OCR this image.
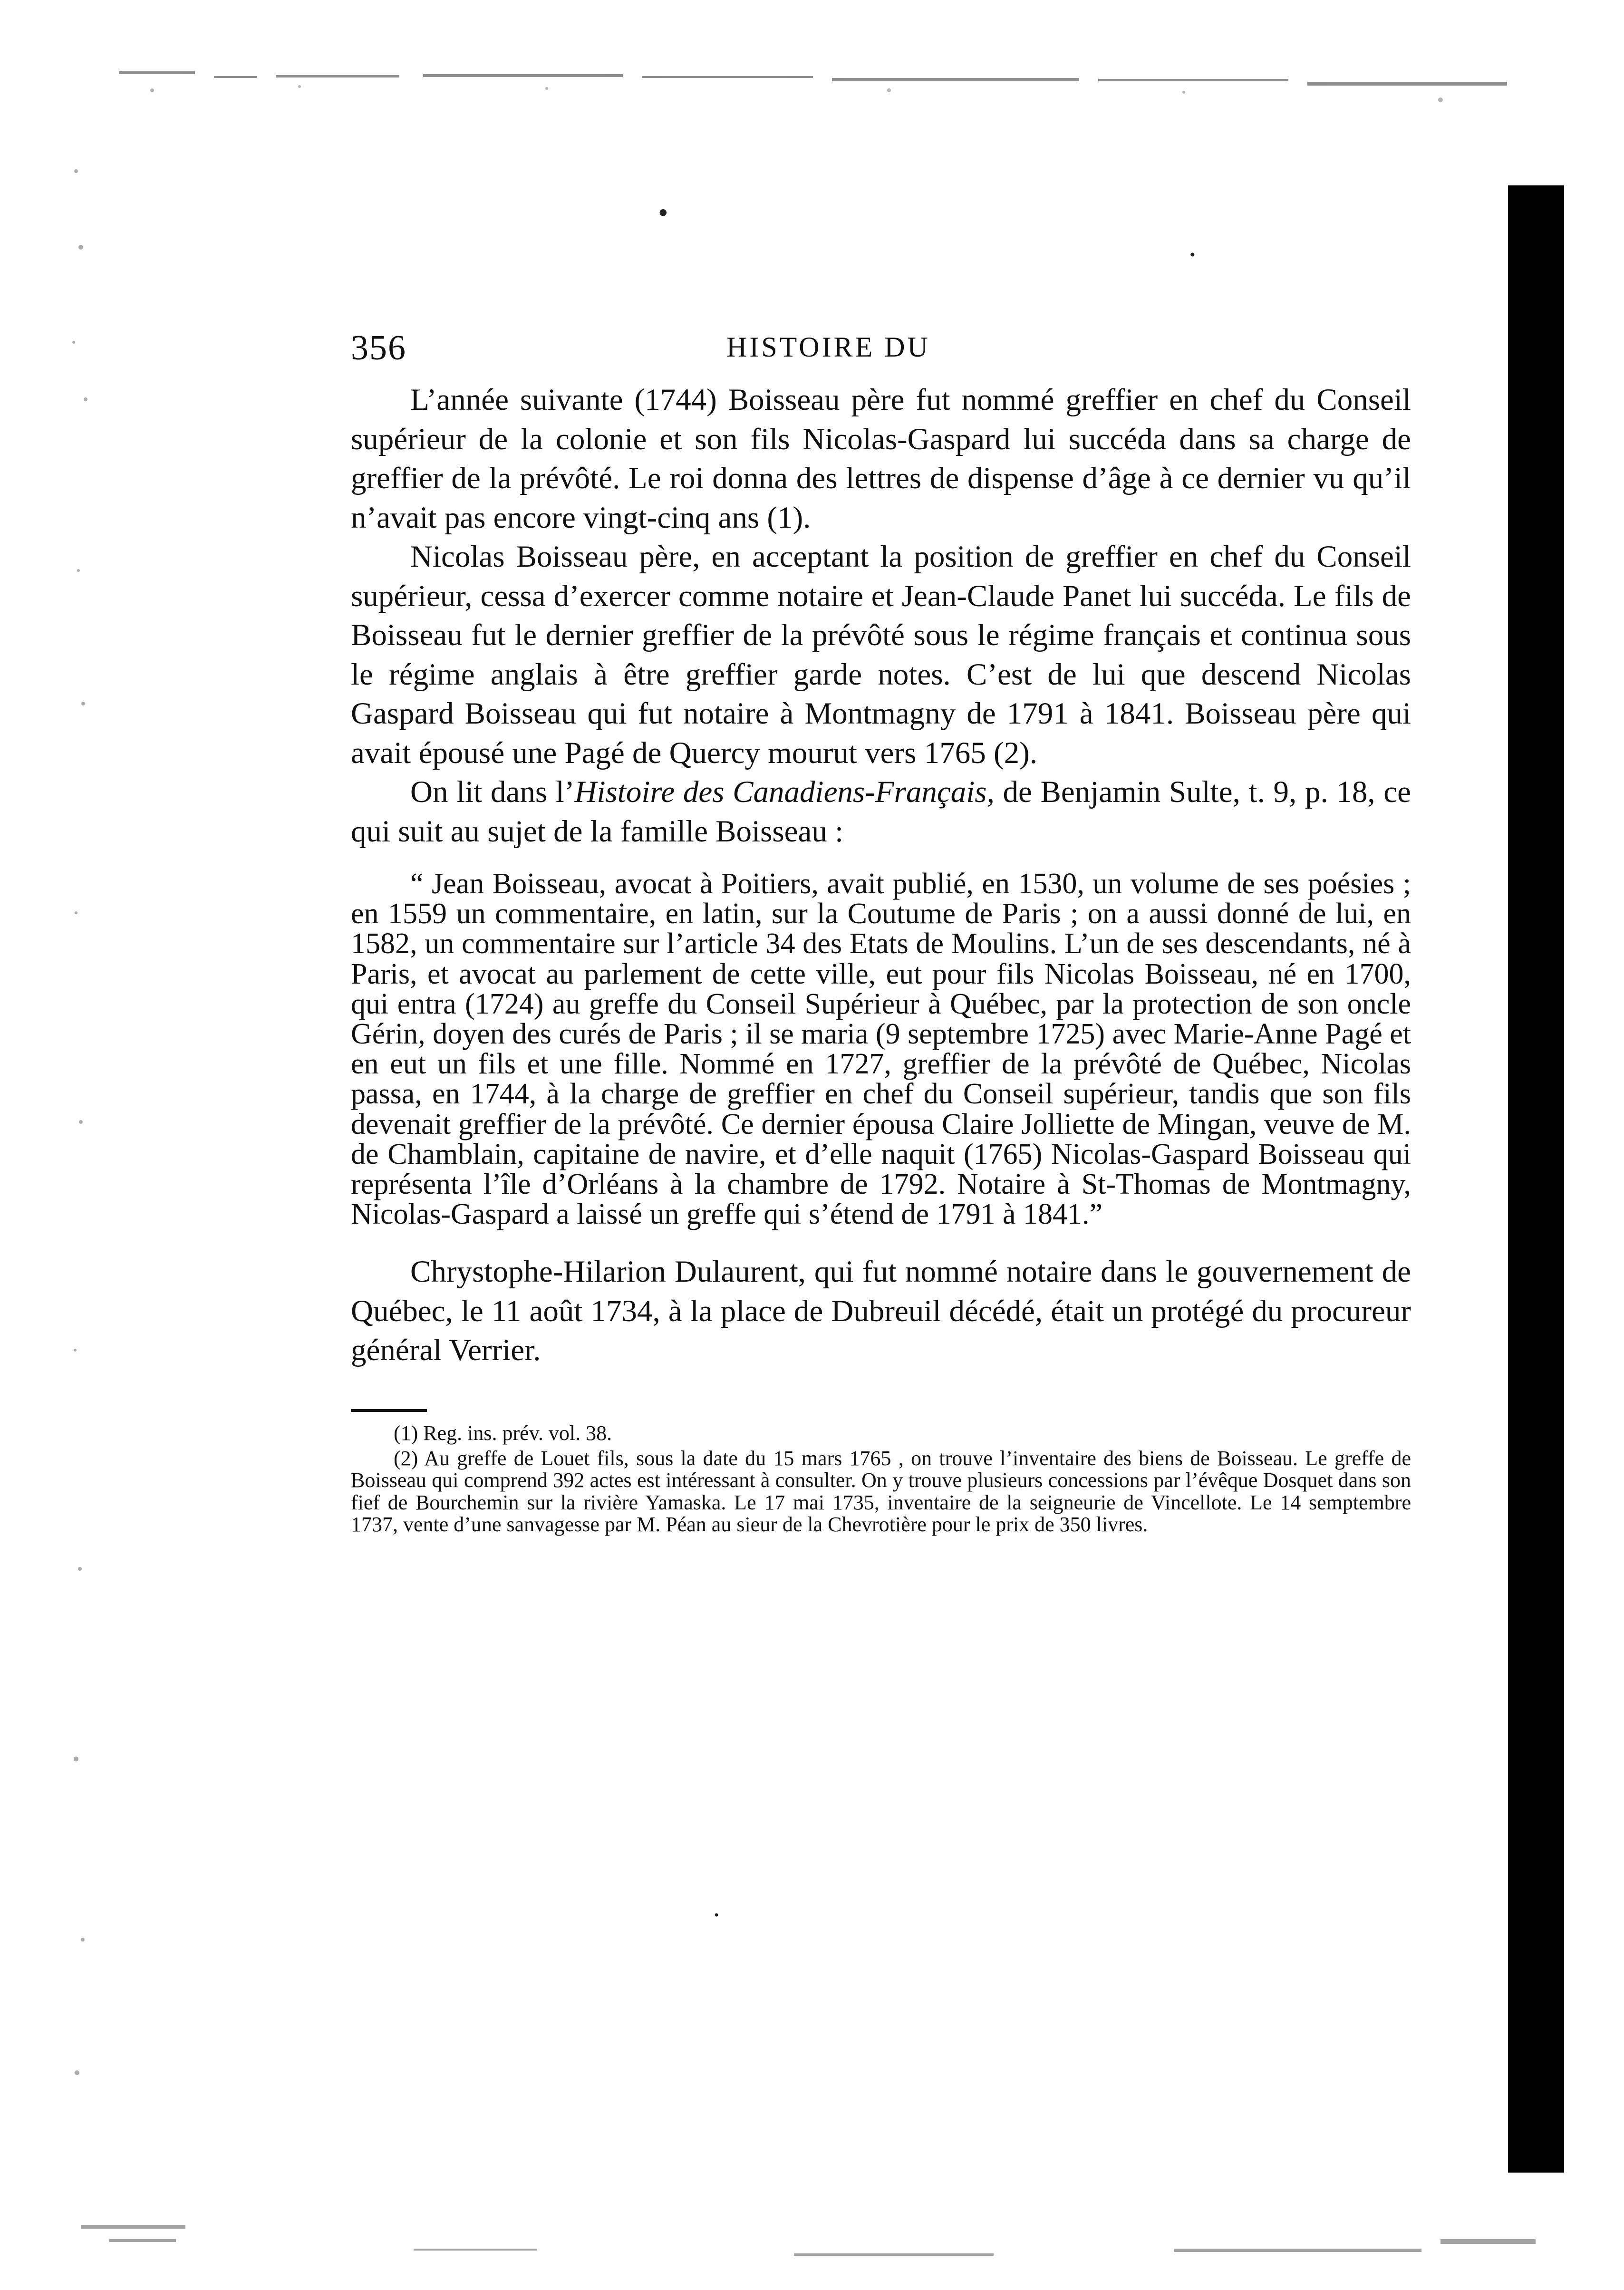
•
•
•
356	HISTOIRE DU

L’année suivante (1744) Boisseau père fut nommé greffier en chef du Conseil supérieur de la colonie et son fils Nicolas-Gaspard lui succéda dans sa charge de greffier de la prévôté. Le roi donna des lettres de dispense d’âge à ce dernier vu qu’il n’avait pas encore vingt-cinq ans (1).

Nicolas Boisseau père, en acceptant la position de greffier en chef du Conseil supérieur, cessa d’exercer comme notaire et Jean-Claude Panet lui succéda. Le fils de Boisseau fut le dernier greffier de la prévôté sous le régime français et continua sous le régime anglais à être greffier garde notes. C’est de lui que descend Nicolas Gaspard Boisseau qui fut notaire à Montmagny de 1791 à 1841. Boisseau père qui avait épousé une Pagé de Quercy mourut vers 1765 (2).

On lit dans l’Histoire des Canadiens-Français, de Benjamin Sulte, t. 9, p. 18, ce qui suit au sujet de la famille Boisseau :

“ Jean Boisseau, avocat à Poitiers, avait publié, en 1530, un volume de ses poésies ; en 1559 un commentaire, en latin, sur la Coutume de Paris ; on a aussi donné de lui, en 1582, un commentaire sur l’article 34 des Etats de Moulins. L’un de ses descendants, né à Paris, et avocat au parlement de cette ville, eut pour fils Nicolas Boisseau, né en 1700, qui entra (1724) au greffe du Conseil Supérieur à Québec, par la protection de son oncle Gérin, doyen des curés de Paris ; il se maria (9 septembre 1725) avec Marie-Anne Pagé et en eut un fils et une fille. Nommé en 1727, greffier de la prévôté de Québec, Nicolas passa, en 1744, à la charge de greffier en chef du Conseil supérieur, tandis que son fils devenait greffier de la prévôté. Ce dernier épousa Claire Jolliette de Mingan, veuve de M. de Chamblain, capitaine de navire, et d’elle naquit (1765) Nicolas-Gaspard Boisseau qui représenta l’île d’Orléans à la chambre de 1792. Notaire à St-Thomas de Montmagny, Nicolas-Gaspard a laissé un greffe qui s’étend de 1791 à 1841.”

Chrystophe-Hilarion Dulaurent, qui fut nommé notaire dans le gouvernement de Québec, le 11 août 1734, à la place de Dubreuil décédé, était un protégé du procureur général Verrier.

(1) Reg. ins. prév. vol. 38.

(2) Au greffe de Louet fils, sous la date du 15 mars 1765 , on trouve l’inventaire des biens de Boisseau. Le greffe de Boisseau qui comprend 392 actes est intéressant à consulter. On y trouve plusieurs concessions par l’évêque Dosquet dans son fief de Bourchemin sur la rivière Yamaska. Le 17 mai 1735, inventaire de la seigneurie de Vincellote. Le 14 semptembre 1737, vente d’une sanvagesse par M. Péan au sieur de la Chevrotière pour le prix de 350 livres.
